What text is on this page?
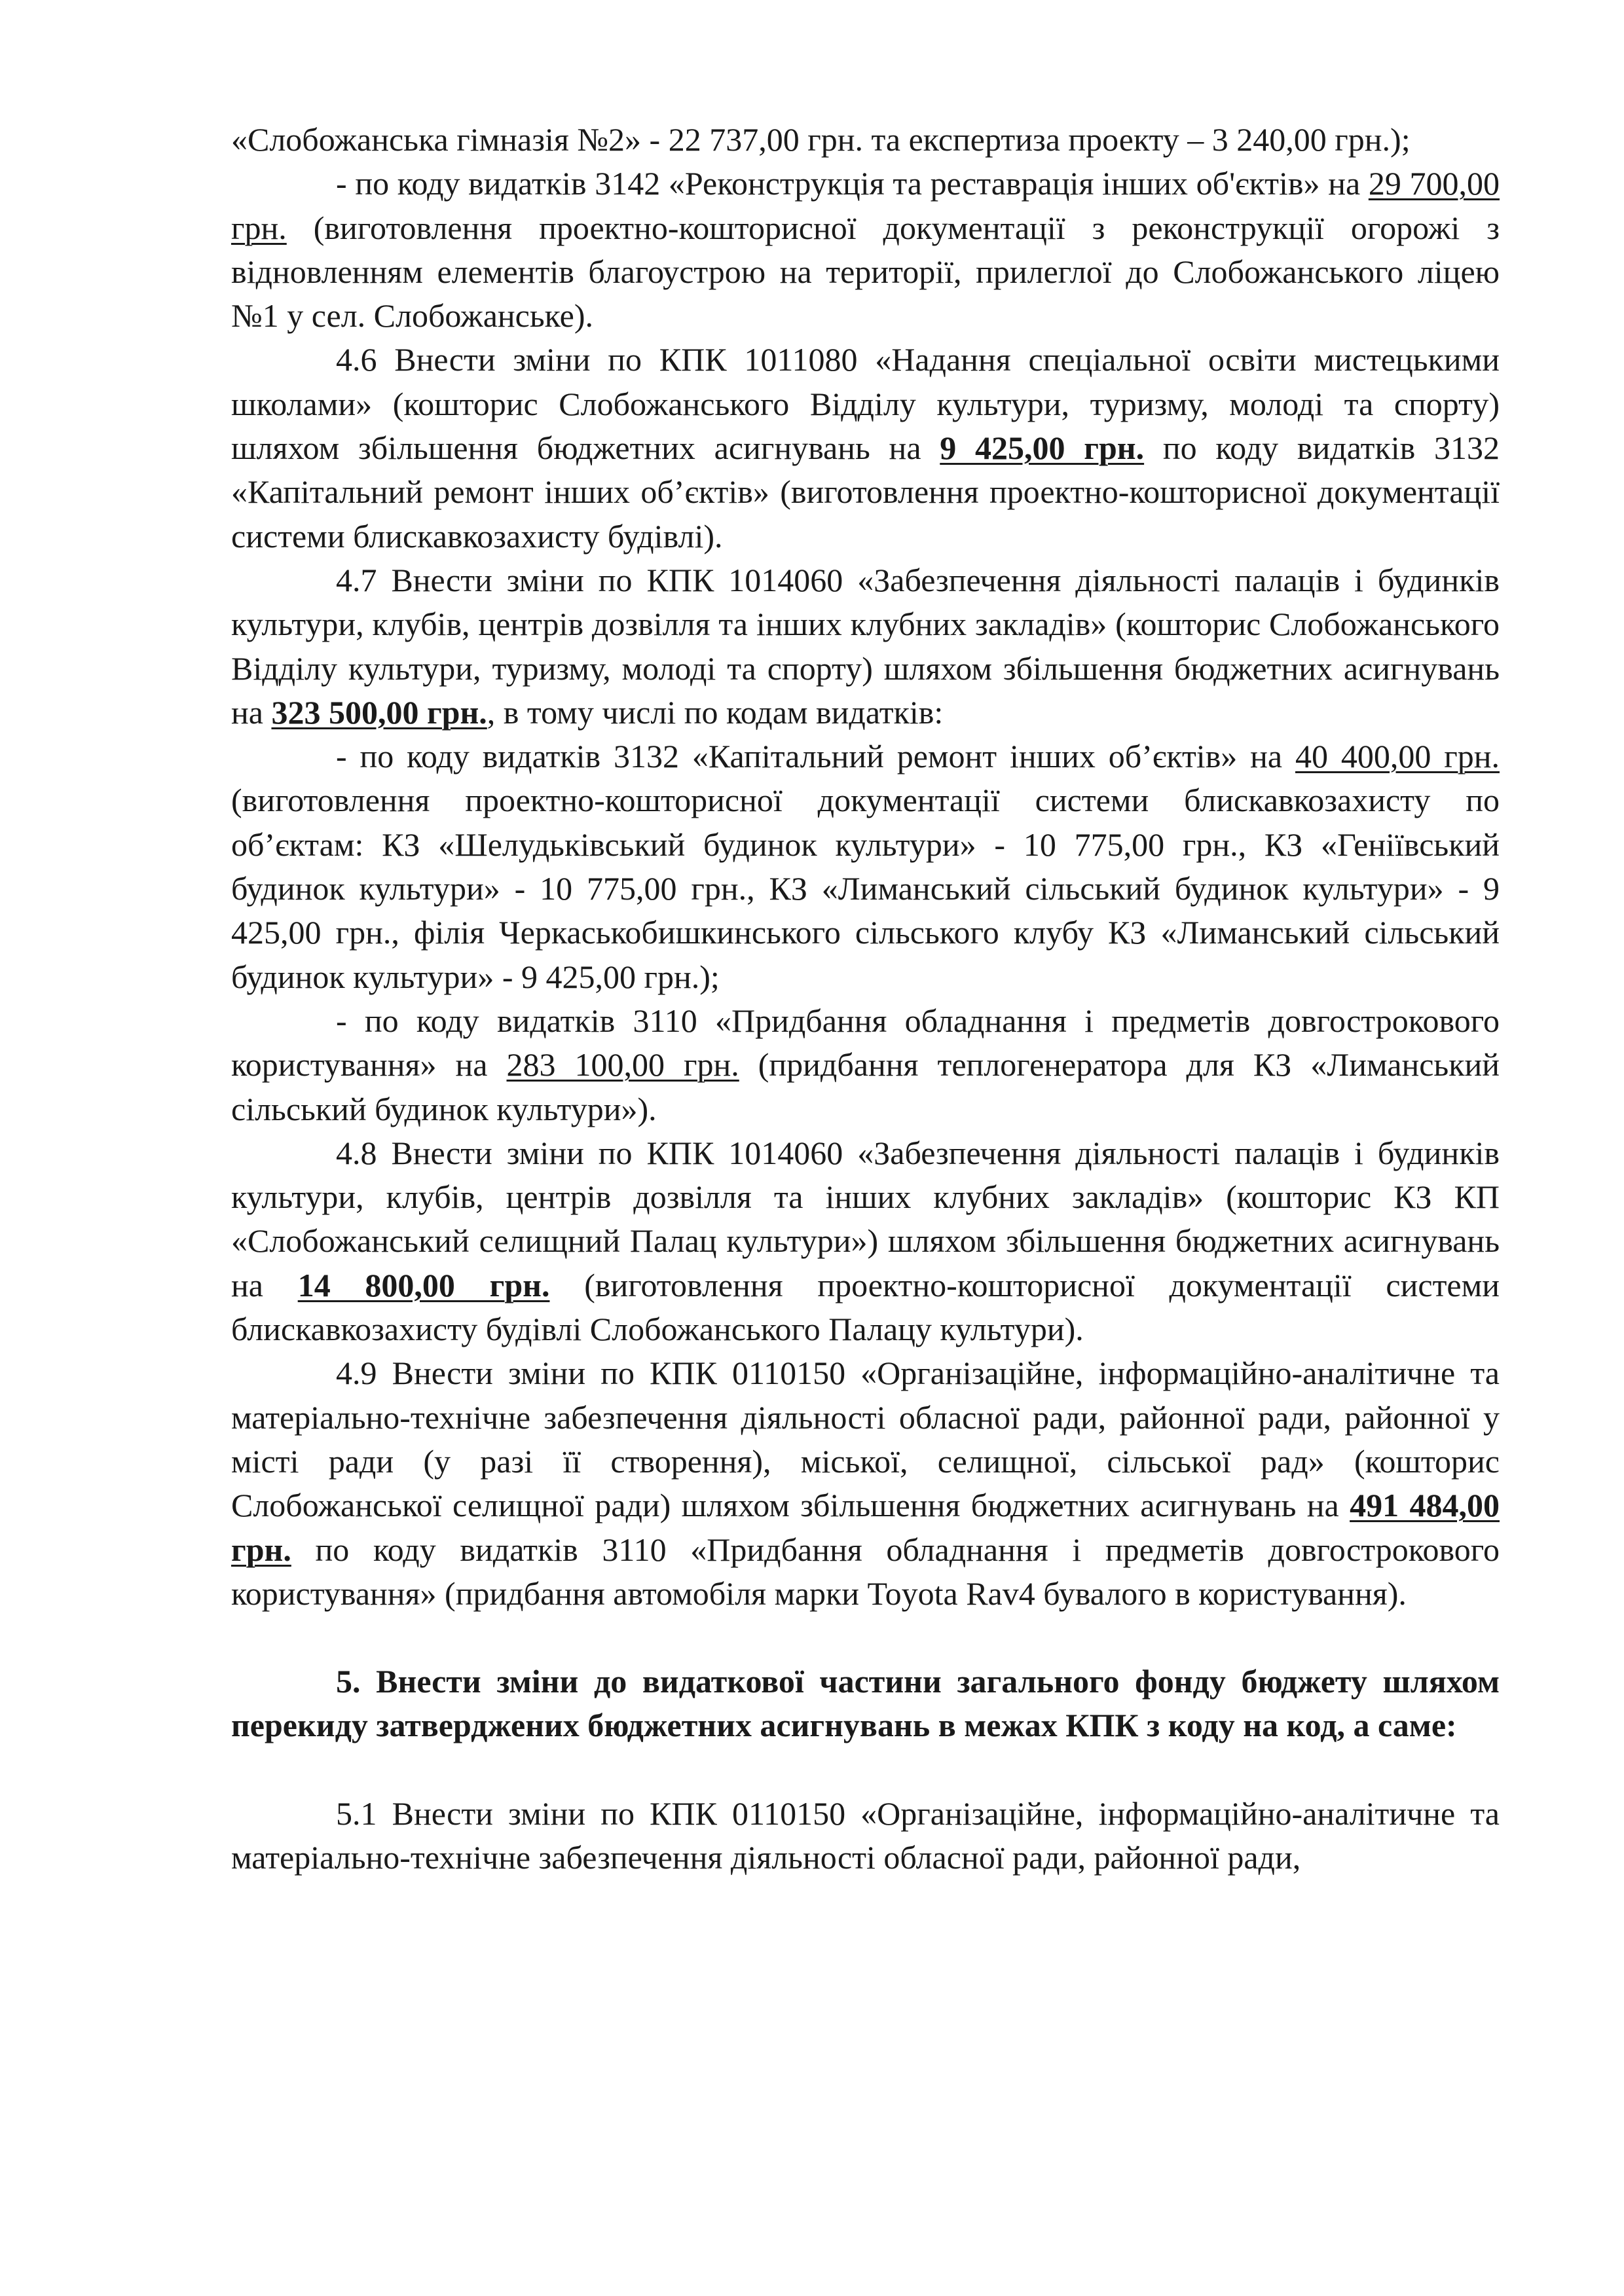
«Слобожанська гімназія №2» - 22 737,00 грн. та експертиза проекту – 3 240,00 грн.);

- по коду видатків 3142 «Реконструкція та реставрація інших об'єктів» на 29 700,00 грн. (виготовлення проектно-кошторисної документації з реконструкції огорожі з відновленням елементів благоустрою на території, прилеглої до Слобожанського ліцею №1 у сел. Слобожанське).

4.6 Внести зміни по КПК 1011080 «Надання спеціальної освіти мистецькими школами» (кошторис Слобожанського Відділу культури, туризму, молоді та спорту) шляхом збільшення бюджетних асигнувань на 9 425,00 грн. по коду видатків 3132 «Капітальний ремонт інших об’єктів» (виготовлення проектно-кошторисної документації системи блискавкозахисту будівлі).

4.7 Внести зміни по КПК 1014060 «Забезпечення діяльності палаців і будинків культури, клубів, центрів дозвілля та інших клубних закладів» (кошторис Слобожанського Відділу культури, туризму, молоді та спорту) шляхом збільшення бюджетних асигнувань на 323 500,00 грн., в тому числі по кодам видатків:

- по коду видатків 3132 «Капітальний ремонт інших об’єктів» на 40 400,00 грн. (виготовлення проектно-кошторисної документації системи блискавкозахисту по об’єктам: КЗ «Шелудьківський будинок культури» - 10 775,00 грн., КЗ «Геніївський будинок культури» - 10 775,00 грн., КЗ «Лиманський сільський будинок культури» - 9 425,00 грн., філія Черкаськобишкинського сільського клубу КЗ «Лиманський сільський будинок культури» - 9 425,00 грн.);

- по коду видатків 3110 «Придбання обладнання і предметів довгострокового користування» на 283 100,00 грн. (придбання теплогенератора для КЗ «Лиманський сільський будинок культури»).

4.8 Внести зміни по КПК 1014060 «Забезпечення діяльності палаців і будинків культури, клубів, центрів дозвілля та інших клубних закладів» (кошторис КЗ КП «Слобожанський селищний Палац культури») шляхом збільшення бюджетних асигнувань на 14 800,00 грн. (виготовлення проектно-кошторисної документації системи блискавкозахисту будівлі Слобожанського Палацу культури).

4.9 Внести зміни по КПК 0110150 «Організаційне, інформаційно-аналітичне та матеріально-технічне забезпечення діяльності обласної ради, районної ради, районної у місті ради (у разі її створення), міської, селищної, сільської рад» (кошторис Слобожанської селищної ради) шляхом збільшення бюджетних асигнувань на 491 484,00 грн. по коду видатків 3110 «Придбання обладнання і предметів довгострокового користування» (придбання автомобіля марки Toyota Rav4 бувалого в користування).

5. Внести зміни до видаткової частини загального фонду бюджету шляхом перекиду затверджених бюджетних асигнувань в межах КПК з коду на код, а саме:

5.1 Внести зміни по КПК 0110150 «Організаційне, інформаційно-аналітичне та матеріально-технічне забезпечення діяльності обласної ради, районної ради,
